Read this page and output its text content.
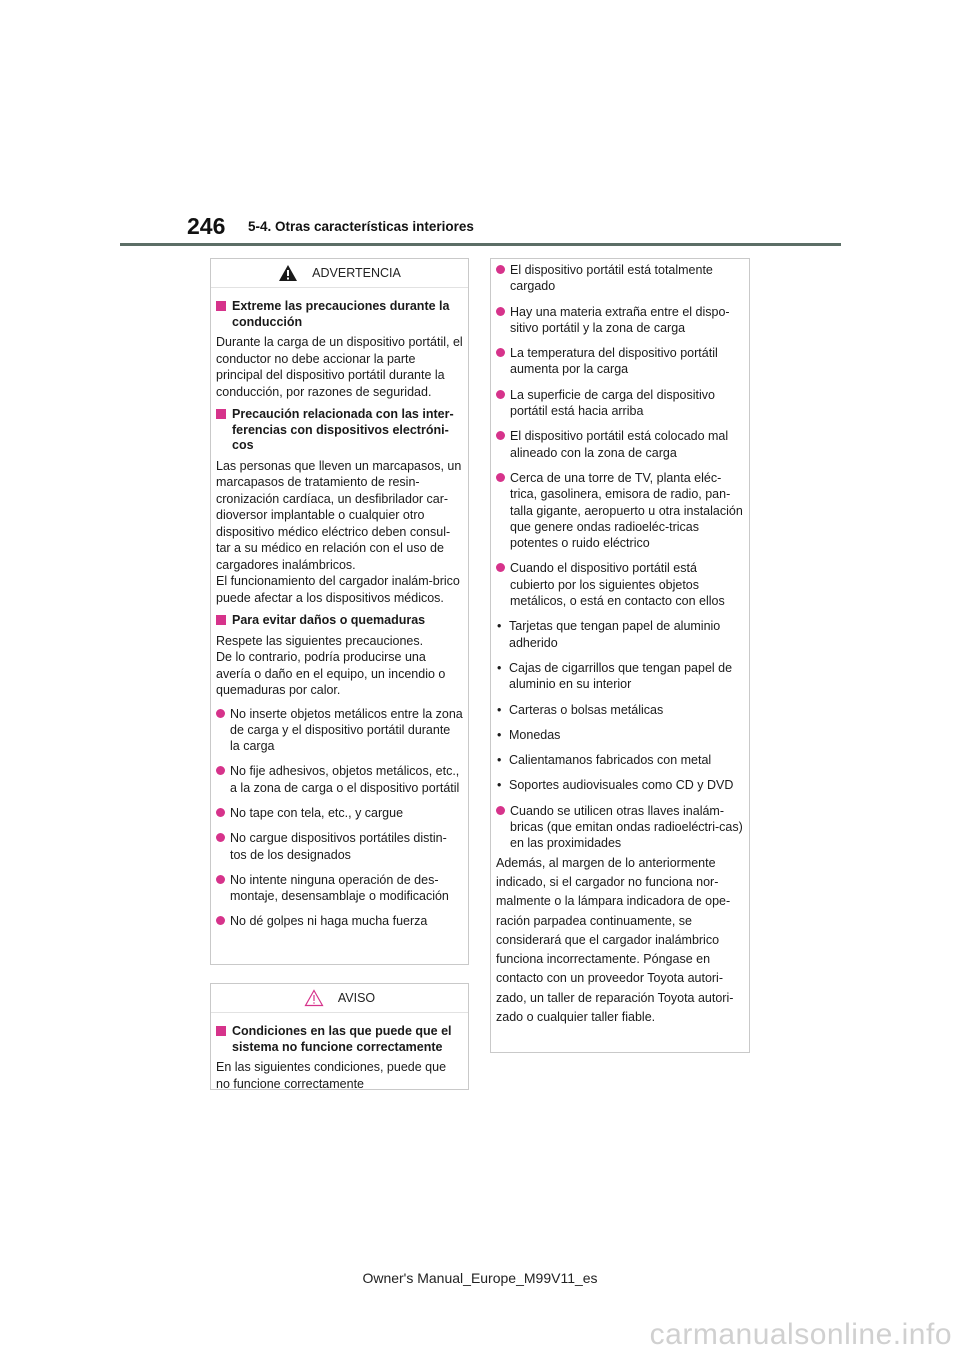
246 5-4. Otras características interiores
ADVERTENCIA
Extreme las precauciones durante la conducción

Durante la carga de un dispositivo portátil, el conductor no debe accionar la parte principal del dispositivo portátil durante la conducción, por razones de seguridad.

Precaución relacionada con las inter-ferencias con dispositivos electróni-cos

Las personas que lleven un marcapasos, un marcapasos de tratamiento de resin-cronización cardíaca, un desfibrilador car-dioversor implantable o cualquier otro dispositivo médico eléctrico deben consul-tar a su médico en relación con el uso de cargadores inalámbricos.

El funcionamiento del cargador inalám-brico puede afectar a los dispositivos médicos.

Para evitar daños o quemaduras

Respete las siguientes precauciones.

De lo contrario, podría producirse una avería o daño en el equipo, un incendio o quemaduras por calor.

No inserte objetos metálicos entre la zona de carga y el dispositivo portátil durante la carga
No fije adhesivos, objetos metálicos, etc., a la zona de carga o el dispositivo portátil
No tape con tela, etc., y cargue
No cargue dispositivos portátiles distin-tos de los designados
No intente ninguna operación de des-montaje, desensamblaje o modificación
No dé golpes ni haga mucha fuerza
AVISO
Condiciones en las que puede que el sistema no funcione correctamente

En las siguientes condiciones, puede que no funcione correctamente

El dispositivo portátil está totalmente cargado
Hay una materia extraña entre el dispo-sitivo portátil y la zona de carga
La temperatura del dispositivo portátil aumenta por la carga
La superficie de carga del dispositivo portátil está hacia arriba
El dispositivo portátil está colocado mal alineado con la zona de carga
Cerca de una torre de TV, planta eléc-trica, gasolinera, emisora de radio, pan-talla gigante, aeropuerto u otra instalación que genere ondas radioeléc-tricas potentes o ruido eléctrico
Cuando el dispositivo portátil está cubierto por los siguientes objetos metálicos, o está en contacto con ellos
• Tarjetas que tengan papel de aluminio adherido
• Cajas de cigarrillos que tengan papel de aluminio en su interior
• Carteras o bolsas metálicas
• Monedas
• Calientamanos fabricados con metal
• Soportes audiovisuales como CD y DVD
Cuando se utilicen otras llaves inalám-bricas (que emitan ondas radioeléctri-cas) en las proximidades

Además, al margen de lo anteriormente

indicado, si el cargador no funciona nor-

malmente o la lámpara indicadora de ope-

ración parpadea continuamente, se

considerará que el cargador inalámbrico

funciona incorrectamente. Póngase en

contacto con un proveedor Toyota autori-

zado, un taller de reparación Toyota autori-

zado o cualquier taller fiable.

Owner's Manual_Europe_M99V11_es
carmanualsonline.info
